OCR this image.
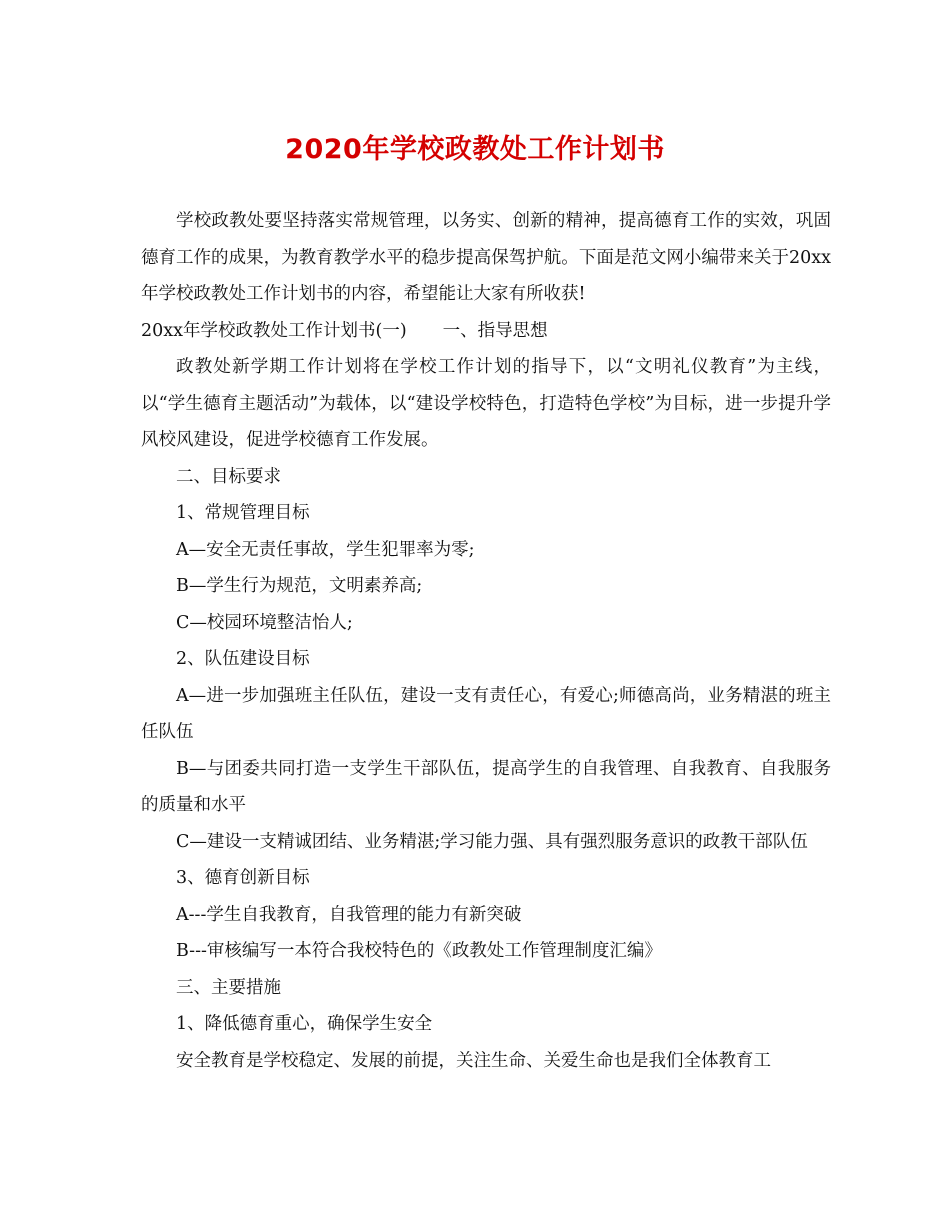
2020年学校政教处工作计划书

学校政教处要坚持落实常规管理，以务实、创新的精神，提高德育工作的实效，巩固德育工作的成果，为教育教学水平的稳步提高保驾护航。下面是范文网小编带来关于20xx年学校政教处工作计划书的内容，希望能让大家有所收获!

20xx年学校政教处工作计划书(一) 一、指导思想

政教处新学期工作计划将在学校工作计划的指导下，以“文明礼仪教育”为主线，以“学生德育主题活动”为载体，以“建设学校特色，打造特色学校”为目标，进一步提升学风校风建设，促进学校德育工作发展。

二、目标要求

1、常规管理目标

A—安全无责任事故，学生犯罪率为零;

B—学生行为规范，文明素养高;

C—校园环境整洁怡人;

2、队伍建设目标

A—进一步加强班主任队伍，建设一支有责任心，有爱心;师德高尚，业务精湛的班主任队伍

B—与团委共同打造一支学生干部队伍，提高学生的自我管理、自我教育、自我服务的质量和水平

C—建设一支精诚团结、业务精湛;学习能力强、具有强烈服务意识的政教干部队伍

3、德育创新目标

A---学生自我教育，自我管理的能力有新突破

B---审核编写一本符合我校特色的《政教处工作管理制度汇编》

三、主要措施

1、降低德育重心，确保学生安全

安全教育是学校稳定、发展的前提，关注生命、关爱生命也是我们全体教育工
